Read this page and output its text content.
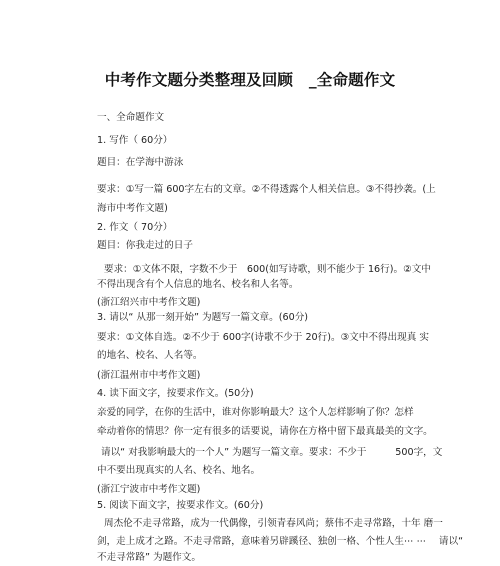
中考作文题分类整理及回顾　_全命题作文
一、全命题作文
1. 写作（ 60分）
题目：在学海中游泳
要求：①写一篇 600字左右的文章。②不得透露个人相关信息。③不得抄袭。(上
海市中考作文题)
2. 作文（ 70分）
题目：你我走过的日子
要求：①文体不限，字数不少于　600(如写诗歌，则不能少于 16行)。②文中
不得出现含有个人信息的地名、校名和人名等。
(浙江绍兴市中考作文题)
3. 请以“ 从那一刻开始” 为题写一篇文章。(60分)
要求：①文体自选。②不少于 600字(诗歌不少于 20行)。③文中不得出现真 实
的地名、校名、人名等。
(浙江温州市中考作文题)
4. 读下面文字，按要求作文。(50分)
亲爱的同学，在你的生活中，谁对你影响最大？这个人怎样影响了你？怎样
牵动着你的情思？你一定有很多的话要说，请你在方格中留下最真最美的文字。
请以“ 对我影响最大的一个人” 为题写一篇文章。要求：不少于　　　500字，文
中不要出现真实的人名、校名、地名。
(浙江宁波市中考作文题)
5. 阅读下面文字，按要求作文。(60分)
周杰伦不走寻常路，成为一代偶像，引领青春风尚；蔡伟不走寻常路，十年 磨一
剑，走上成才之路。不走寻常路，意味着另辟蹊径、独创一格、个性人生⋯ ⋯　 请以“
不走寻常路” 为题作文。
